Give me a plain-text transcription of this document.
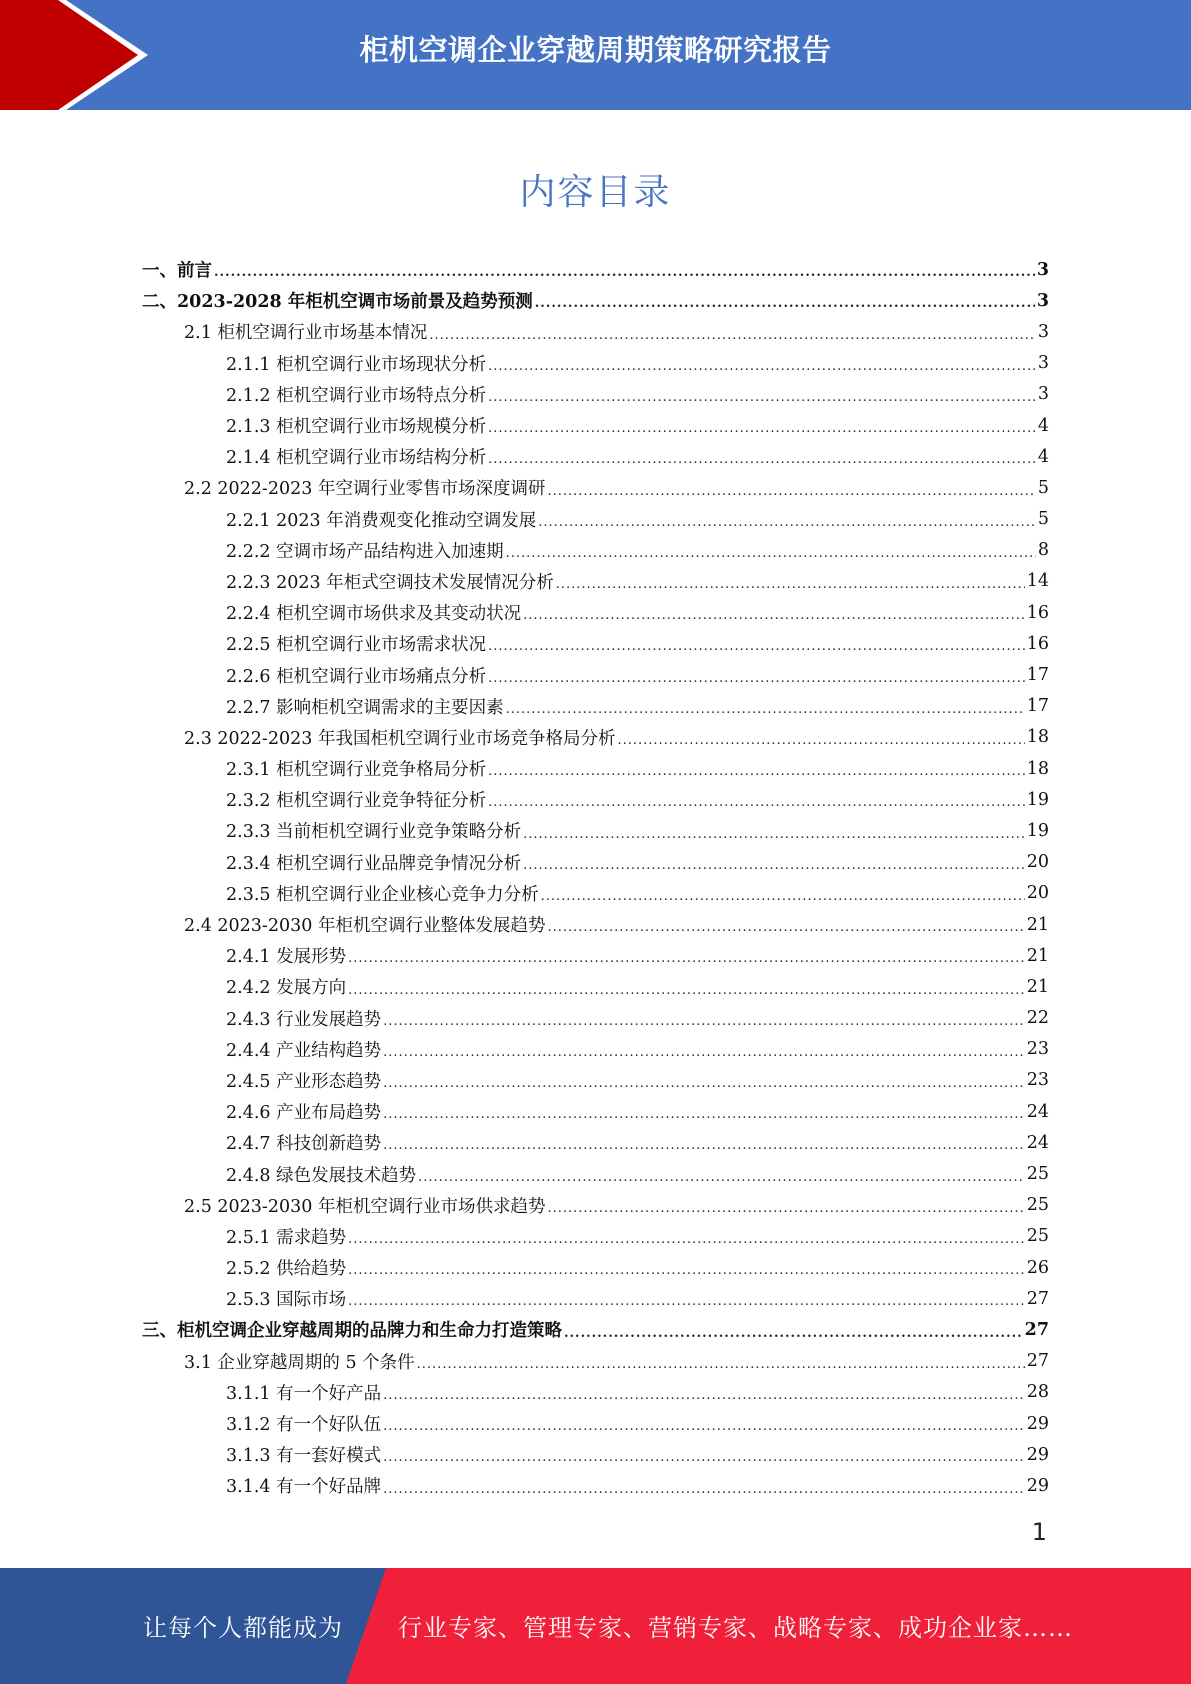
柜机空调企业穿越周期策略研究报告
内容目录
一、前言 .....	3
二、2023-2028 年柜机空调市场前景及趋势预测 .....	3
2.1 柜机空调行业市场基本情况 .....	3
2.1.1 柜机空调行业市场现状分析 .....	3
2.1.2 柜机空调行业市场特点分析 .....	3
2.1.3 柜机空调行业市场规模分析 .....	4
2.1.4 柜机空调行业市场结构分析 .....	4
2.2 2022-2023 年空调行业零售市场深度调研 .....	5
2.2.1 2023 年消费观变化推动空调发展 .....	5
2.2.2 空调市场产品结构进入加速期 .....	8
2.2.3 2023 年柜式空调技术发展情况分析 .....	14
2.2.4 柜机空调市场供求及其变动状况 .....	16
2.2.5 柜机空调行业市场需求状况 .....	16
2.2.6 柜机空调行业市场痛点分析 .....	17
2.2.7 影响柜机空调需求的主要因素 .....	17
2.3 2022-2023 年我国柜机空调行业市场竞争格局分析 .....	18
2.3.1 柜机空调行业竞争格局分析 .....	18
2.3.2 柜机空调行业竞争特征分析 .....	19
2.3.3 当前柜机空调行业竞争策略分析 .....	19
2.3.4 柜机空调行业品牌竞争情况分析 .....	20
2.3.5 柜机空调行业企业核心竞争力分析 .....	20
2.4 2023-2030 年柜机空调行业整体发展趋势 .....	21
2.4.1 发展形势 .....	21
2.4.2 发展方向 .....	21
2.4.3 行业发展趋势 .....	22
2.4.4 产业结构趋势 .....	23
2.4.5 产业形态趋势 .....	23
2.4.6 产业布局趋势 .....	24
2.4.7 科技创新趋势 .....	24
2.4.8 绿色发展技术趋势 .....	25
2.5 2023-2030 年柜机空调行业市场供求趋势 .....	25
2.5.1 需求趋势 .....	25
2.5.2 供给趋势 .....	26
2.5.3 国际市场 .....	27
三、柜机空调企业穿越周期的品牌力和生命力打造策略 .....	27
3.1 企业穿越周期的 5 个条件 .....	27
3.1.1 有一个好产品 .....	28
3.1.2 有一个好队伍 .....	29
3.1.3 有一套好模式 .....	29
3.1.4 有一个好品牌 .....	29
1
让每个人都能成为 行业专家、管理专家、营销专家、战略专家、成功企业家……
